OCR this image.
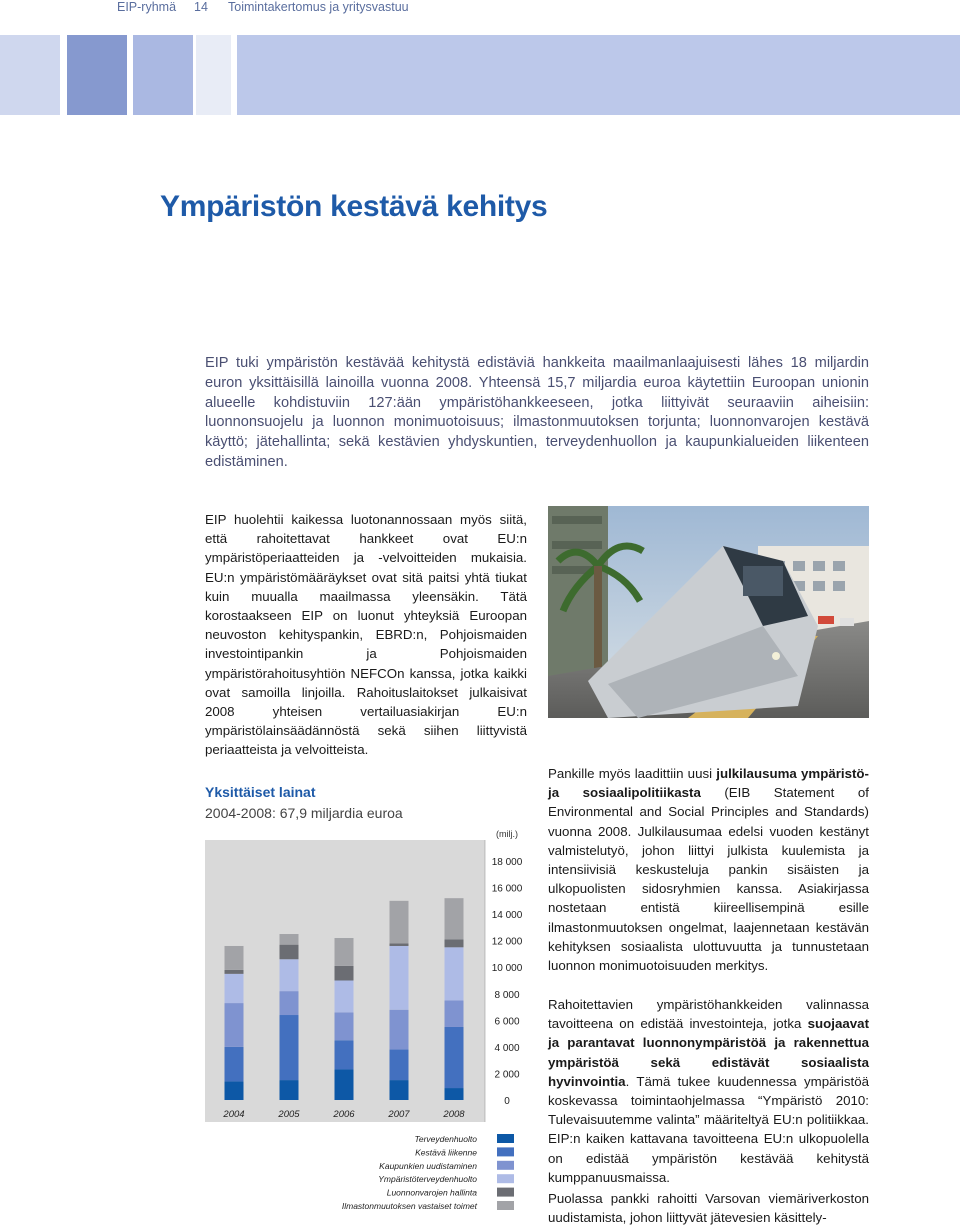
EIP-ryhmä 14 Toimintakertomus ja yritysvastuu
Ympäristön kestävä kehitys

EIP tuki ympäristön kestävää kehitystä edistäviä hankkeita maailmanlaajuisesti lähes 18 miljardin euron yksittäisillä lainoilla vuonna 2008. Yhteensä 15,7 miljardia euroa käytettiin Euroopan unionin alueelle kohdistuviin 127:ään ympäristöhankkeeseen, jotka liittyivät seuraaviin aiheisiin: luonnonsuojelu ja luonnon monimuotoisuus; ilmastonmuutoksen torjunta; luonnonvarojen kestävä käyttö; jätehallinta; sekä kestävien yhdyskuntien, terveydenhuollon ja kaupunkialueiden liikenteen edistäminen.

EIP huolehtii kaikessa luotonannossaan myös siitä, että rahoitettavat hankkeet ovat EU:n ympäristöperiaatteiden ja -velvoitteiden mukaisia. EU:n ympäristömääräykset ovat sitä paitsi yhtä tiukat kuin muualla maailmassa yleensäkin. Tätä korostaakseen EIP on luonut yhteyksiä Euroopan neuvoston kehityspankin, EBRD:n, Pohjoismaiden investointipankin ja Pohjoismaiden ympäristörahoitusyhtiön NEFCOn kanssa, jotka kaikki ovat samoilla linjoilla. Rahoituslaitokset julkaisivat 2008 yhteisen vertailuasiakirjan EU:n ympäristölainsäädännöstä sekä siihen liittyvistä periaatteista ja velvoitteista.

Pankille myös laadittiin uusi julkilausuma ympäristö- ja sosiaalipolitiikasta (EIB Statement of Environmental and Social Principles and Standards) vuonna 2008. Julkilausumaa edelsi vuoden kestänyt valmistelutyö, johon liittyi julkista kuulemista ja intensiivisiä keskusteluja pankin sisäisten ja ulkopuolisten sidosryhmien kanssa. Asiakirjassa nostetaan entistä kiireellisempinä esille ilmastonmuutoksen ongelmat, laajennetaan kestävän kehityksen sosiaalista ulottuvuutta ja tunnustetaan luonnon monimuotoisuuden merkitys.

Rahoitettavien ympäristöhankkeiden valinnassa tavoitteena on edistää investointeja, jotka suojaavat ja parantavat luonnonympäristöä ja rakennettua ympäristöä sekä edistävät sosiaalista hyvinvointia. Tämä tukee kuudennessa ympäristöä koskevassa toimintaohjelmassa “Ympäristö 2010: Tulevaisuutemme valinta” määriteltyä EU:n politiikkaa. EIP:n kaiken kattavana tavoitteena EU:n ulkopuolella on edistää ympäristön kestävää kehitystä kumppanuusmaissa.

Puolassa pankki rahoitti Varsovan viemäriverkoston uudistamista, johon liittyvät jätevesien käsittely-

Yksittäiset lainat

2004-2008: 67,9 miljardia euroa

(milj.)
0
2 000
4 000
6 000
8 000
10 000
12 000
14 000
16 000
18 000
2004	2005	2006	2007	2008
Terveydenhuolto
Kestävä liikenne
Kaupunkien uudistaminen
Ympäristöterveydenhuolto
Luonnonvarojen hallinta
Ilmastonmuutoksen vastaiset toimet
